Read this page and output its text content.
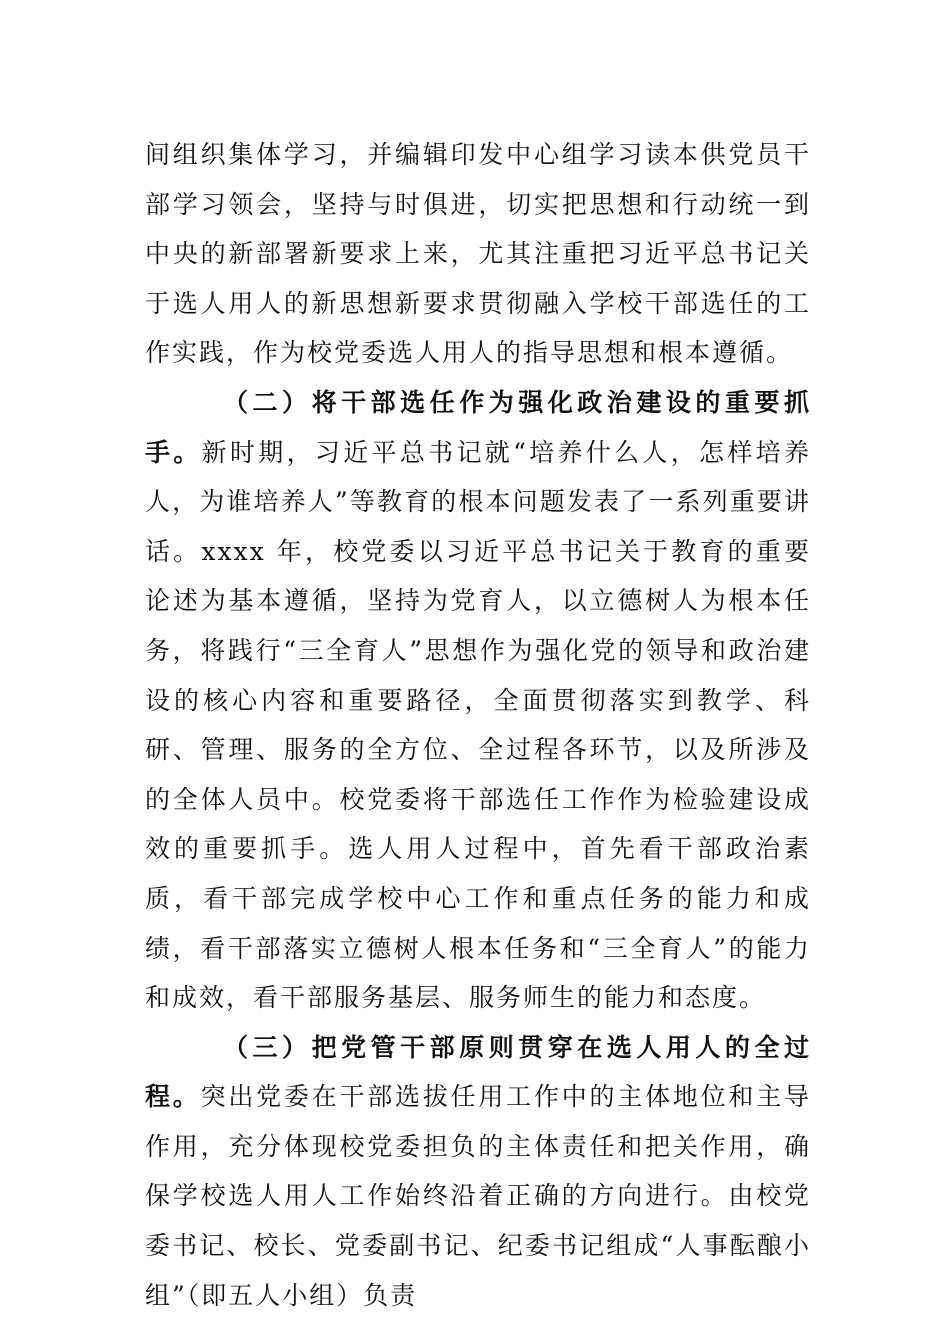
间组织集体学习，并编辑印发中心组学习读本供党员干部学习领会，坚持与时俱进，切实把思想和行动统一到中央的新部署新要求上来，尤其注重把习近平总书记关于选人用人的新思想新要求贯彻融入学校干部选任的工作实践，作为校党委选人用人的指导思想和根本遵循。

（二）将干部选任作为强化政治建设的重要抓手。新时期，习近平总书记就“培养什么人，怎样培养人，为谁培养人”等教育的根本问题发表了一系列重要讲话。xxxx 年，校党委以习近平总书记关于教育的重要论述为基本遵循，坚持为党育人，以立德树人为根本任务，将践行“三全育人”思想作为强化党的领导和政治建设的核心内容和重要路径，全面贯彻落实到教学、科研、管理、服务的全方位、全过程各环节，以及所涉及的全体人员中。校党委将干部选任工作作为检验建设成效的重要抓手。选人用人过程中，首先看干部政治素质，看干部完成学校中心工作和重点任务的能力和成绩，看干部落实立德树人根本任务和“三全育人”的能力和成效，看干部服务基层、服务师生的能力和态度。

（三）把党管干部原则贯穿在选人用人的全过程。突出党委在干部选拔任用工作中的主体地位和主导作用，充分体现校党委担负的主体责任和把关作用，确保学校选人用人工作始终沿着正确的方向进行。由校党委书记、校长、党委副书记、纪委书记组成“人事酝酿小组”（即五人小组）负责
